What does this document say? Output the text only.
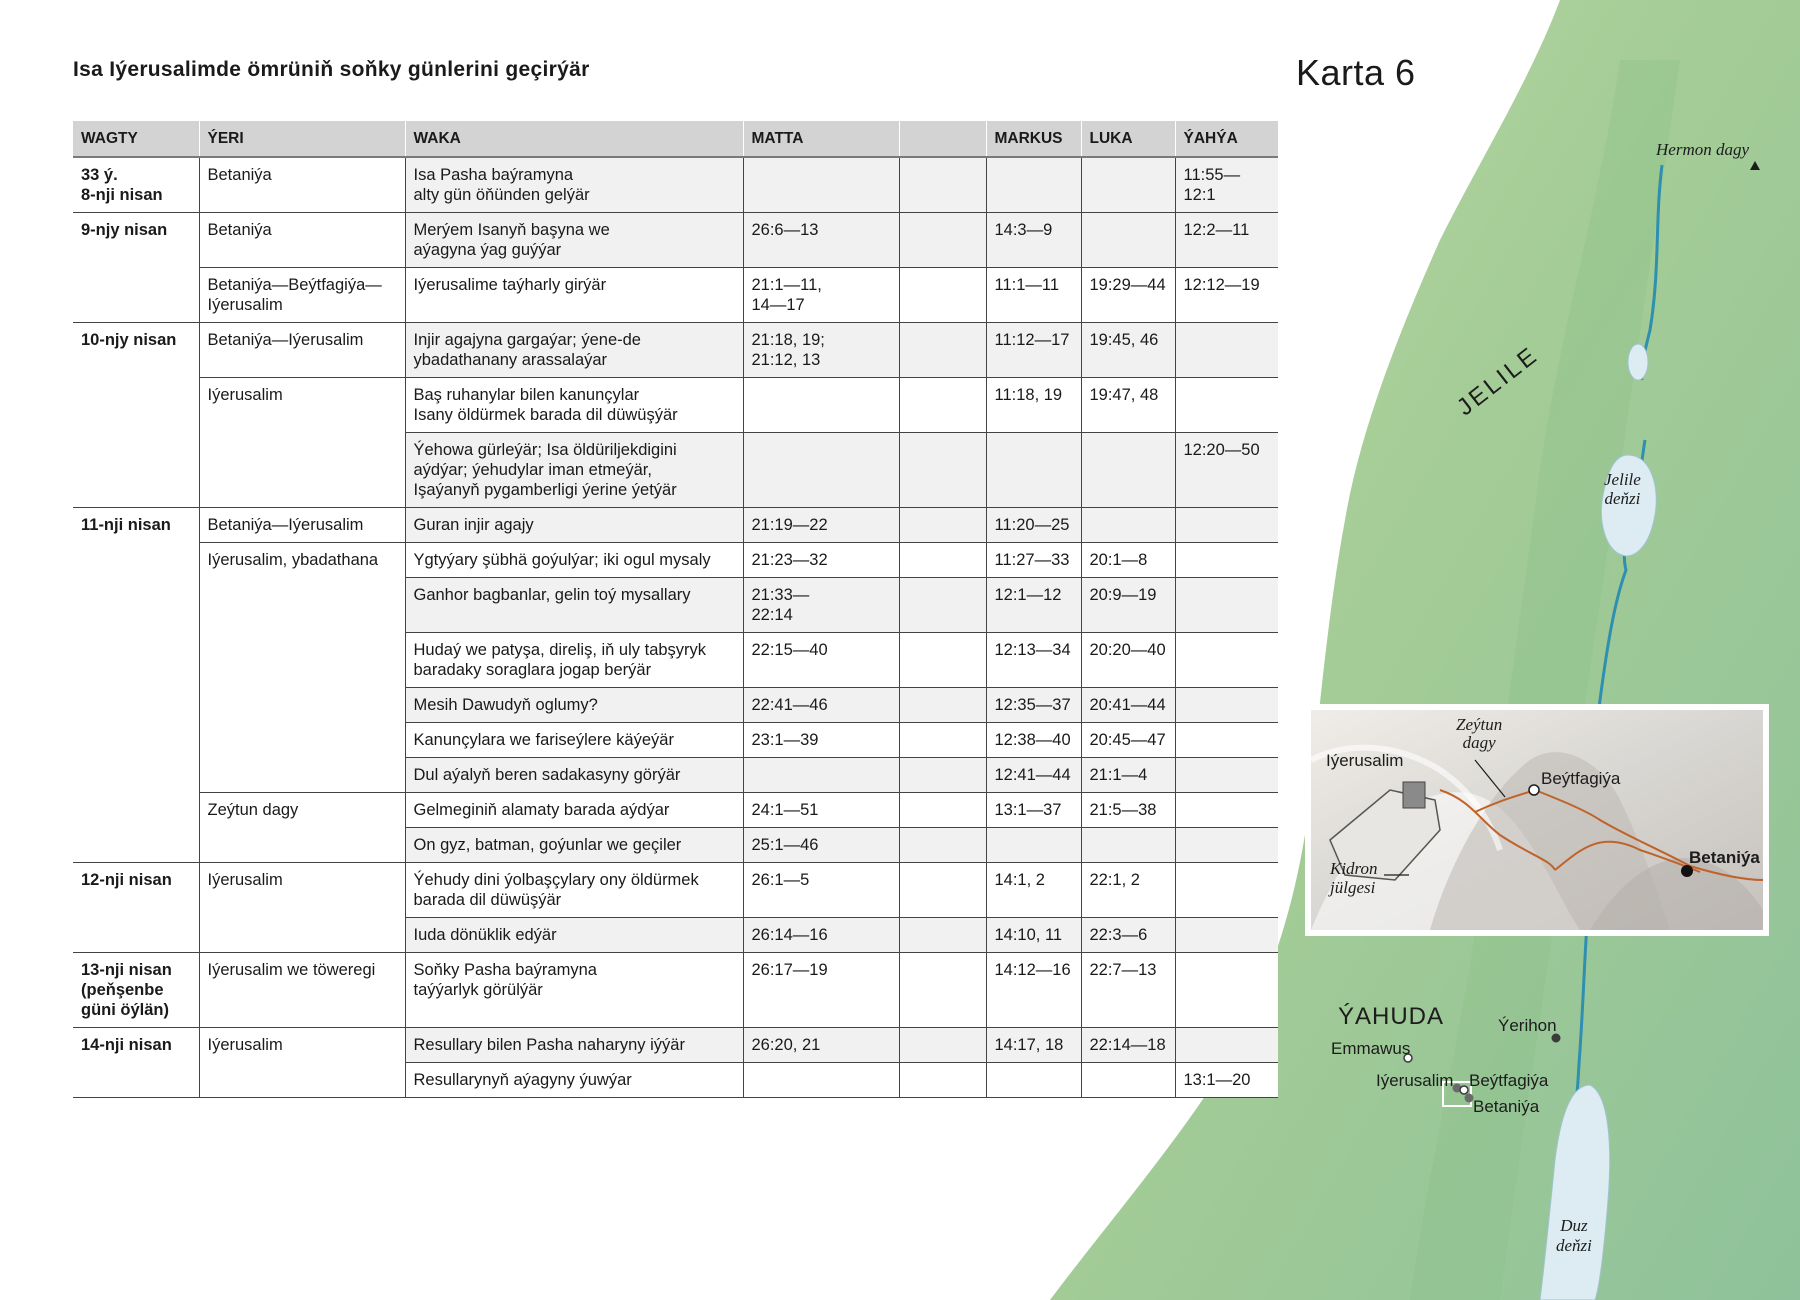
Isa Iýerusalimde ömrüniň soňky günlerini geçirýär	Karta 6
WAGTY	ÝERI	WAKA	MATTA		MARKUS	LUKA	ÝAHÝA

33 ý.
8-nji nisan	Betaniýa	Isa Pasha baýramyna
alty gün öňünden gelýär					11:55—
12:1

9-njy nisan	Betaniýa	Merýem Isanyň başyna we
aýagyna ýag guýýar	26:6—13		14:3—9		12:2—11

	Betaniýa—Beýtfagiýa—
Iýerusalim	Iýerusalime taýharly girýär	21:1—11,
14—17		11:1—11	19:29—44	12:12—19

10-njy nisan	Betaniýa—Iýerusalim	Injir agajyna gargaýar; ýene-de
ybadathanany arassalaýar	21:18, 19;
21:12, 13		11:12—17	19:45, 46	

	Iýerusalim	Baş ruhanylar bilen kanunçylar
Isany öldürmek barada dil düwüşýär			11:18, 19	19:47, 48	

		Ýehowa gürleýär; Isa öldüriljekdigini
aýdýar; ýehudylar iman etmeýär,
Işaýanyň pygamberligi ýerine ýetýär					12:20—50

11-nji nisan	Betaniýa—Iýerusalim	Guran injir agajy	21:19—22		11:20—25		

	Iýerusalim, ybadathana	Ygtyýary şübhä goýulýar; iki ogul mysaly	21:23—32		11:27—33	20:1—8	

		Ganhor bagbanlar, gelin toý mysallary	21:33—
22:14		12:1—12	20:9—19	

		Hudaý we patyşa, direliş, iň uly tabşyryk
baradaky soraglara jogap berýär	22:15—40		12:13—34	20:20—40	

		Mesih Dawudyň oglumy?	22:41—46		12:35—37	20:41—44	

		Kanunçylara we fariseýlere käýeýär	23:1—39		12:38—40	20:45—47	

		Dul aýalyň beren sadakasyny görýär			12:41—44	21:1—4	

	Zeýtun dagy	Gelmeginiň alamaty barada aýdýar	24:1—51		13:1—37	21:5—38	

		On gyz, batman, goýunlar we geçiler	25:1—46				

12-nji nisan	Iýerusalim	Ýehudy dini ýolbaşçylary ony öldürmek
barada dil düwüşýär	26:1—5		14:1, 2	22:1, 2	

		Iuda dönüklik edýär	26:14—16		14:10, 11	22:3—6	

13-nji nisan
(peňşenbe
güni öýlän)	Iýerusalim we töweregi	Soňky Pasha baýramyna
taýýarlyk görülýär	26:17—19		14:12—16	22:7—13	

14-nji nisan	Iýerusalim	Resullary bilen Pasha naharyny iýýär	26:20, 21		14:17, 18	22:14—18	

		Resullarynyň aýagyny ýuwýar					13:1—20
Hermon dagy
JELILE
Jelile
deňzi
ÝAHUDA	Ýerihon
Emmawus
Iýerusalim Beýtfagiýa
Betaniýa
Duz
deňzi
Iýerusalim
Zeýtun
dagy
Beýtfagiýa
Kidron
jülgesi
Betaniýa
